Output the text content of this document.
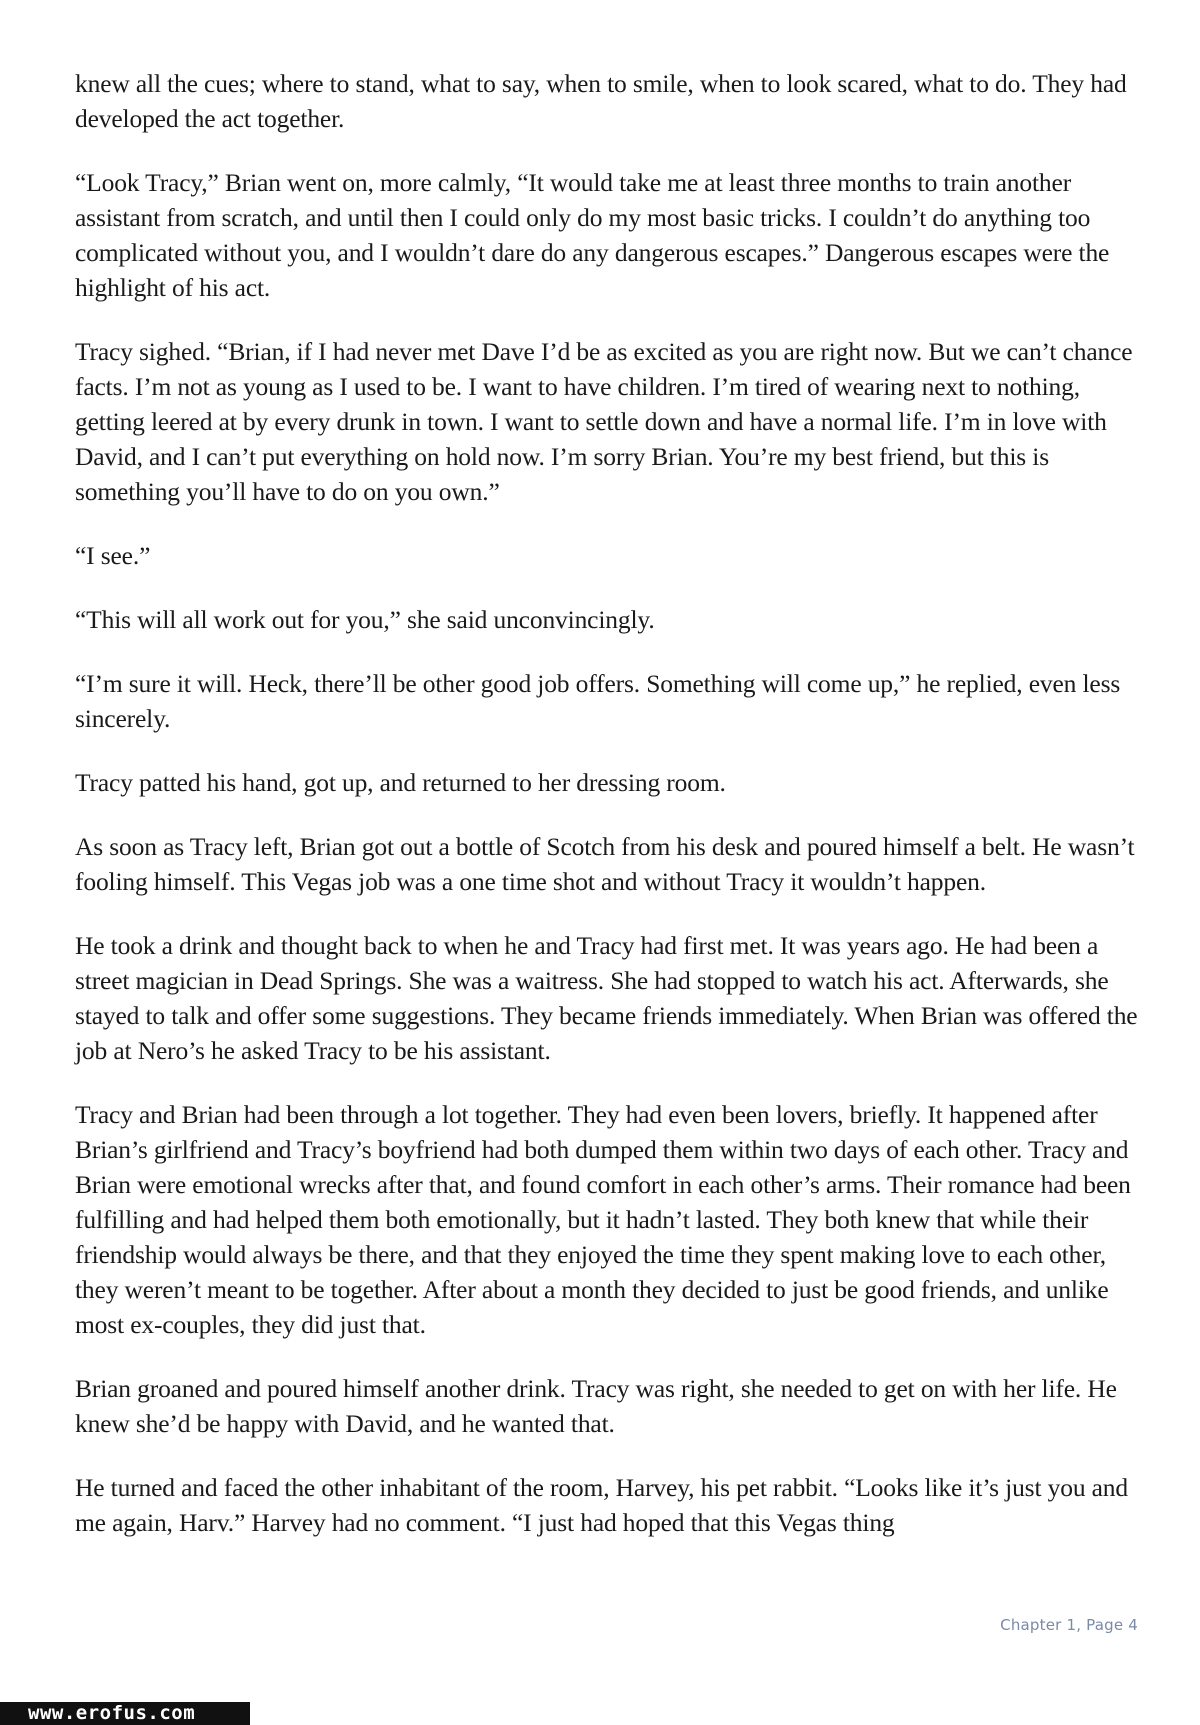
knew all the cues; where to stand, what to say, when to smile, when to look scared, what to do. They had developed the act together.

“Look Tracy,” Brian went on, more calmly, “It would take me at least three months to train another assistant from scratch, and until then I could only do my most basic tricks. I couldn’t do anything too complicated without you, and I wouldn’t dare do any dangerous escapes.” Dangerous escapes were the highlight of his act.

Tracy sighed. “Brian, if I had never met Dave I’d be as excited as you are right now. But we can’t chance facts. I’m not as young as I used to be. I want to have children. I’m tired of wearing next to nothing, getting leered at by every drunk in town. I want to settle down and have a normal life. I’m in love with David, and I can’t put everything on hold now. I’m sorry Brian. You’re my best friend, but this is something you’ll have to do on you own.”

“I see.”

“This will all work out for you,” she said unconvincingly.

“I’m sure it will. Heck, there’ll be other good job offers. Something will come up,” he replied, even less sincerely.

Tracy patted his hand, got up, and returned to her dressing room.

As soon as Tracy left, Brian got out a bottle of Scotch from his desk and poured himself a belt. He wasn’t fooling himself. This Vegas job was a one time shot and without Tracy it wouldn’t happen.

He took a drink and thought back to when he and Tracy had first met. It was years ago. He had been a street magician in Dead Springs. She was a waitress. She had stopped to watch his act. Afterwards, she stayed to talk and offer some suggestions. They became friends immediately. When Brian was offered the job at Nero’s he asked Tracy to be his assistant.

Tracy and Brian had been through a lot together. They had even been lovers, briefly. It happened after Brian’s girlfriend and Tracy’s boyfriend had both dumped them within two days of each other. Tracy and Brian were emotional wrecks after that, and found comfort in each other’s arms. Their romance had been fulfilling and had helped them both emotionally, but it hadn’t lasted. They both knew that while their friendship would always be there, and that they enjoyed the time they spent making love to each other, they weren’t meant to be together. After about a month they decided to just be good friends, and unlike most ex-couples, they did just that.

Brian groaned and poured himself another drink. Tracy was right, she needed to get on with her life. He knew she’d be happy with David, and he wanted that.

He turned and faced the other inhabitant of the room, Harvey, his pet rabbit. “Looks like it’s just you and me again, Harv.” Harvey had no comment. “I just had hoped that this Vegas thing

Chapter 1, Page 4
www.erofus.com
